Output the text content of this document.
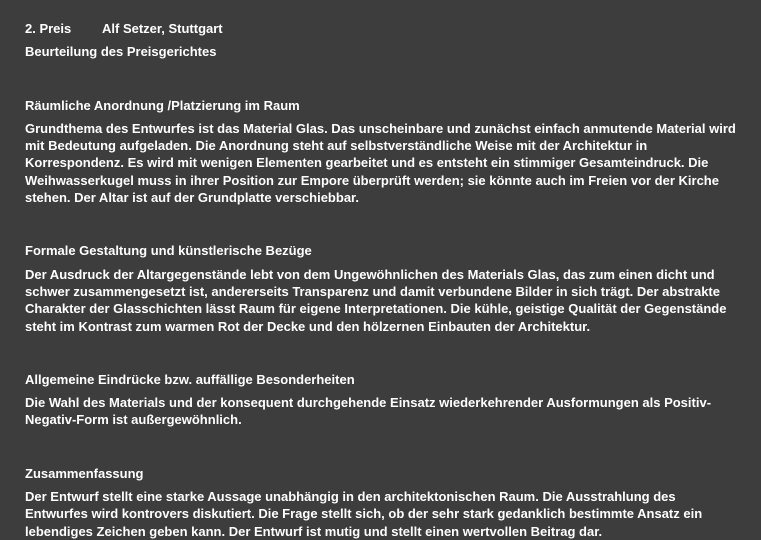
2. Preis	Alf Setzer, Stuttgart
Beurteilung des Preisgerichtes
Räumliche Anordnung /Platzierung im Raum

Grundthema des Entwurfes ist das Material Glas. Das unscheinbare und zunächst einfach anmutende Material wird mit Bedeutung aufgeladen. Die Anordnung steht auf selbstverständliche Weise mit der Architektur in Korrespondenz. Es wird mit wenigen Elementen gearbeitet und es entsteht ein stimmiger Gesamteindruck. Die Weihwasserkugel muss in ihrer Position zur Empore überprüft werden; sie könnte auch im Freien vor der Kirche stehen. Der Altar ist auf der Grundplatte verschiebbar.

Formale Gestaltung und künstlerische Bezüge

Der Ausdruck der Altargegenstände lebt von dem Ungewöhnlichen des Materials Glas, das zum einen dicht und schwer zusammengesetzt ist, andererseits Transparenz und damit verbundene Bilder in sich trägt. Der abstrakte Charakter der Glasschichten lässt Raum für eigene Interpretationen. Die kühle, geistige Qualität der Gegenstände steht im Kontrast zum warmen Rot der Decke und den hölzernen Einbauten der Architektur.

Allgemeine Eindrücke bzw. auffällige Besonderheiten

Die Wahl des Materials und der konsequent durchgehende Einsatz wiederkehrender Ausformungen als Positiv-Negativ-Form ist außergewöhnlich.

Zusammenfassung

Der Entwurf stellt eine starke Aussage unabhängig in den architektonischen Raum. Die Ausstrahlung des Entwurfes wird kontrovers diskutiert. Die Frage stellt sich, ob der sehr stark gedanklich bestimmte Ansatz ein lebendiges Zeichen geben kann. Der Entwurf ist mutig und stellt einen wertvollen Beitrag dar.
